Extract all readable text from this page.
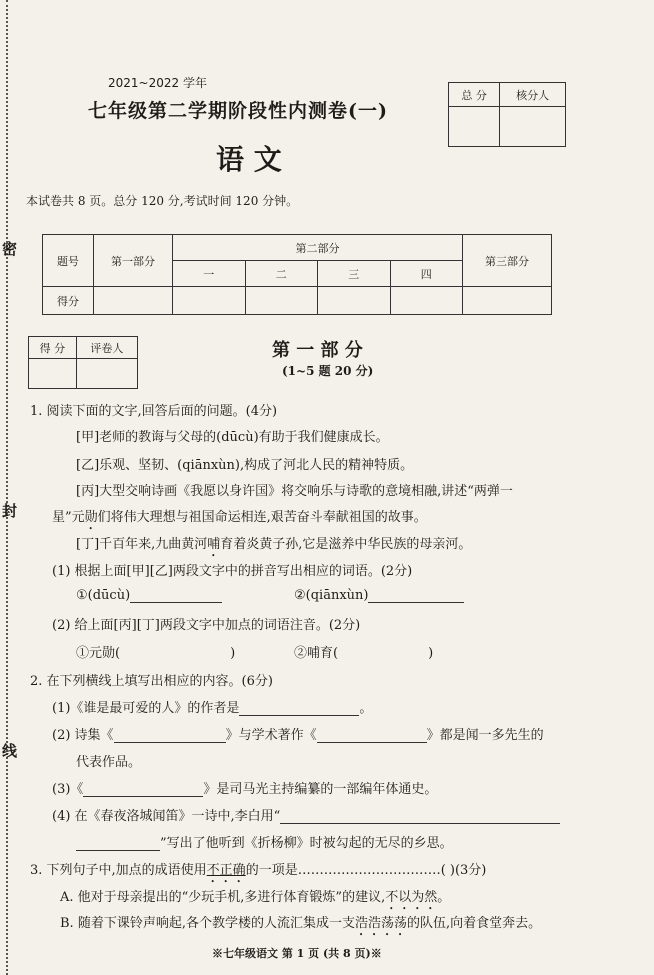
密
封
线
2021~2022 学年
七年级第二学期阶段性内测卷(一)
语 文
总 分	核分人

本试卷共 8 页。总分 120 分,考试时间 120 分钟。
题号	第一部分	第二部分				第三部分
		一	二	三	四	
得分						
得 分	评卷人
		第 一 部 分
(1~5 题 20 分)
1. 阅读下面的文字,回答后面的问题。(4分)
[甲]老师的教诲与父母的(dūcù)有助于我们健康成长。
[乙]乐观、坚韧、(qiānxùn),构成了河北人民的精神特质。
[丙]大型交响诗画《我愿以身许国》将交响乐与诗歌的意境相融,讲述“两弹一
星”元勋们将伟大理想与祖国命运相连,艰苦奋斗奉献祖国的故事。
[丁]千百年来,九曲黄河哺育着炎黄子孙,它是滋养中华民族的母亲河。
(1) 根据上面[甲][乙]两段文字中的拼音写出相应的词语。(2分)
①(dūcù)	②(qiānxùn)
(2) 给上面[丙][丁]两段文字中加点的词语注音。(2分)
①元勋(	)	②哺育(	)
2. 在下列横线上填写出相应的内容。(6分)
(1)《谁是最可爱的人》的作者是	。
(2) 诗集《	》与学术著作《	》都是闻一多先生的
代表作品。
(3)《	》是司马光主持编纂的一部编年体通史。
(4) 在《春夜洛城闻笛》一诗中,李白用“
”写出了他听到《折杨柳》时被勾起的无尽的乡思。
3. 下列句子中,加点的成语使用不正确的一项是……………………………( )(3分)
A. 他对于母亲提出的“少玩手机,多进行体育锻炼”的建议,不以为然。
B. 随着下课铃声响起,各个教学楼的人流汇集成一支浩浩荡荡的队伍,向着食堂奔去。
※七年级语文 第 1 页 (共 8 页)※
